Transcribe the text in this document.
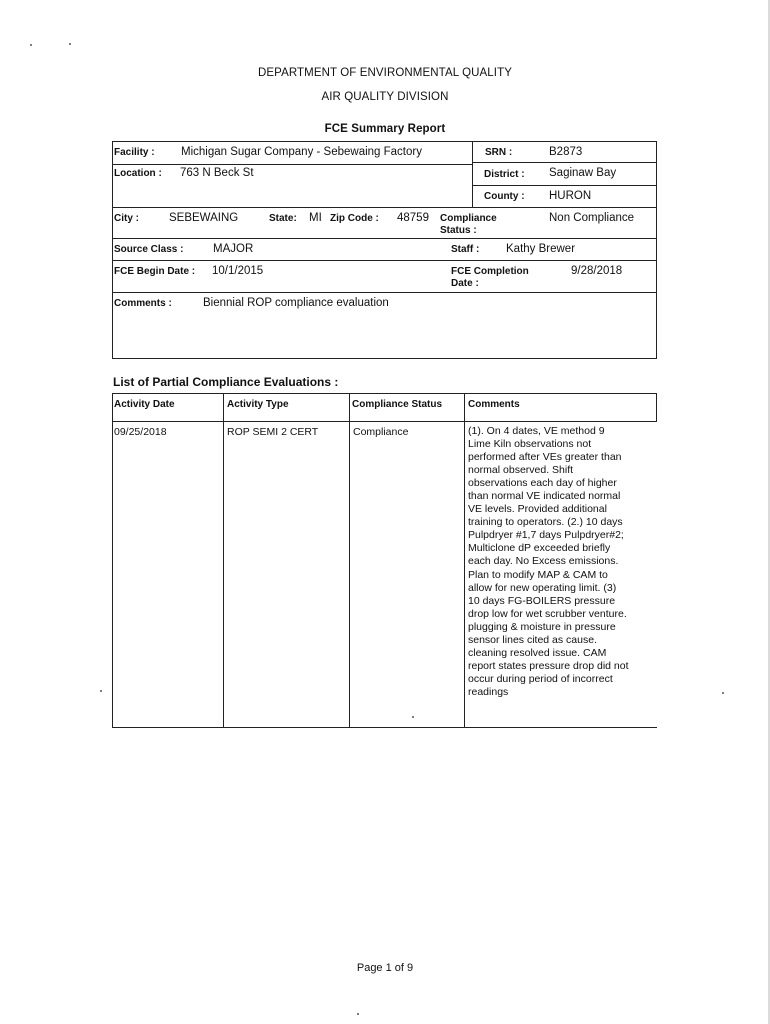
DEPARTMENT OF ENVIRONMENTAL QUALITY
AIR QUALITY DIVISION
FCE Summary Report
Facility : Michigan Sugar Company - Sebewaing Factory	SRN :	B2873
Location : 763 N Beck St	District : Saginaw Bay
County : HURON
City :	SEBEWAING	State: MI Zip Code : 48759 Compliance
Status :
Non Compliance
Source Class :	MAJOR	Staff : Kathy Brewer
FCE Begin Date : 10/1/2015	FCE Completion
Date :
9/28/2018
Comments :	Biennial ROP compliance evaluation
List of Partial Compliance Evaluations :
Activity Date	Activity Type	Compliance Status	Comments
09/25/2018	ROP SEMI 2 CERT	Compliance	(1). On 4 dates, VE method 9
Lime Kiln observations not
performed after VEs greater than
normal observed. Shift
observations each day of higher
than normal VE indicated normal
VE levels. Provided additional
training to operators. (2.) 10 days
Pulpdryer #1,7 days Pulpdryer#2;
Multiclone dP exceeded briefly
each day. No Excess emissions.
Plan to modify MAP & CAM to
allow for new operating limit. (3)
10 days FG-BOILERS pressure
drop low for wet scrubber venture.
plugging & moisture in pressure
sensor lines cited as cause.
cleaning resolved issue. CAM
report states pressure drop did not
occur during period of incorrect
readings
Page 1 of 9
